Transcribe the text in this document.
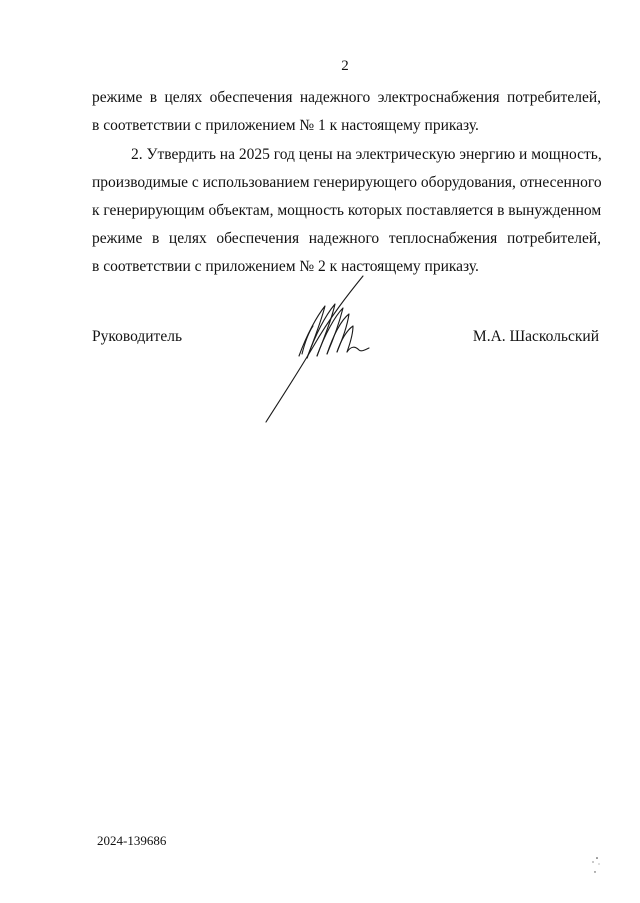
2
режиме в целях обеспечения надежного электроснабжения потребителей,
в соответствии с приложением № 1 к настоящему приказу.
2. Утвердить на 2025 год цены на электрическую энергию и мощность,
производимые с использованием генерирующего оборудования, отнесенного
к генерирующим объектам, мощность которых поставляется в вынужденном
режиме в целях обеспечения надежного теплоснабжения потребителей,
в соответствии с приложением № 2 к настоящему приказу.
Руководитель	М.А. Шаскольский
2024-139686
